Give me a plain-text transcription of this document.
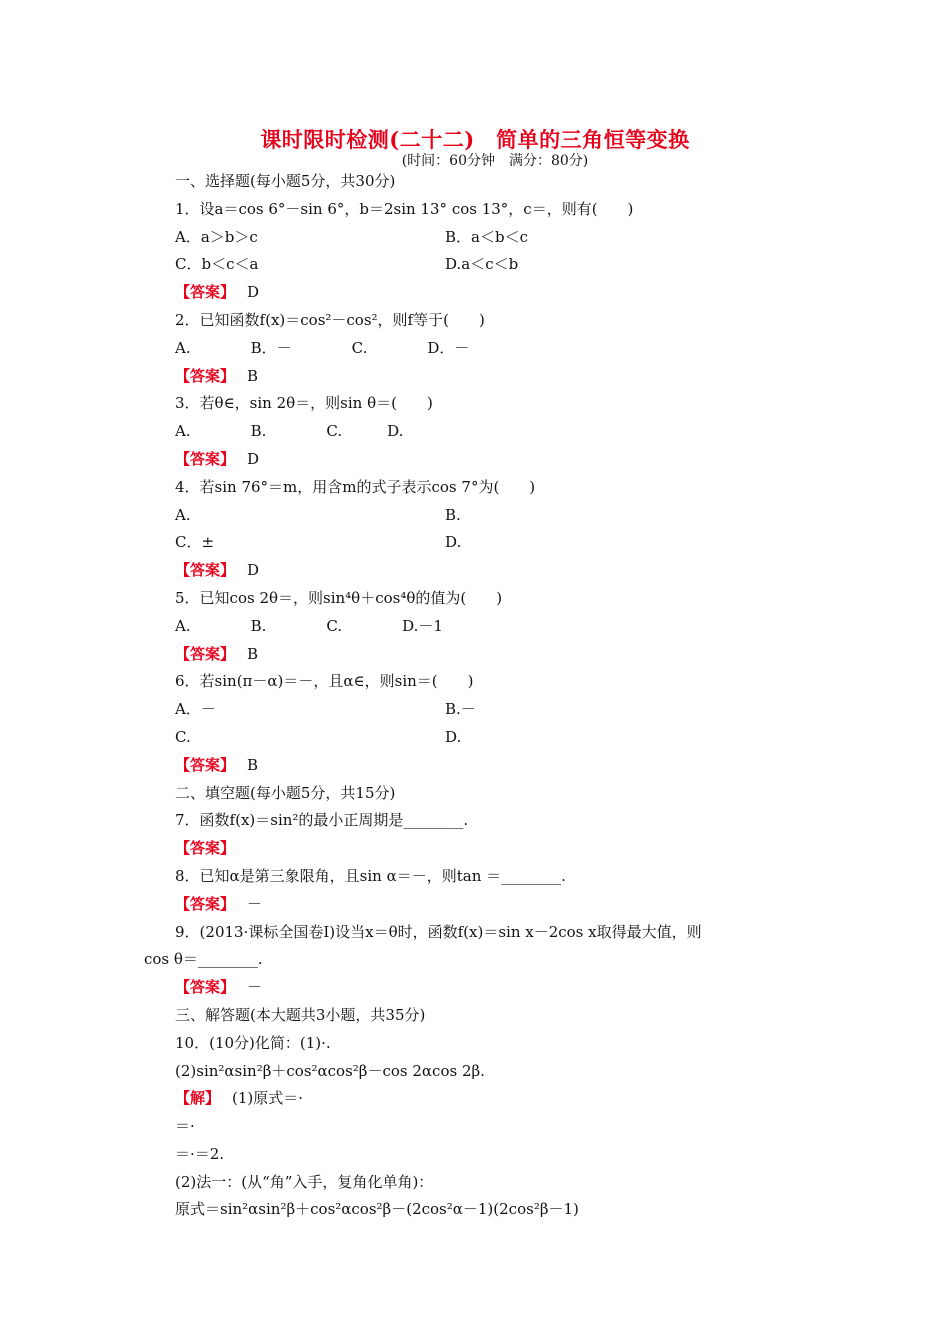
课时限时检测(二十二)　简单的三角恒等变换
(时间：60分钟　满分：80分)
一、选择题(每小题5分，共30分)
1．设a＝cos 6°－sin 6°，b＝2sin 13° cos 13°，c＝，则有(　　)
A．a＞b＞c	B．a＜b＜c
C．b＜c＜a	D.a＜c＜b
【答案】 D
2．已知函数f(x)＝cos²－cos²，则f等于(　　)
A.　　　　B．－　　　　C.　　　　D．－
【答案】 B
3．若θ∈，sin 2θ＝，则sin θ＝(　　)
A.　　　　B.　　　　C.　　　D.
【答案】 D
4．若sin 76°＝m，用含m的式子表示cos 7°为(　　)
A.	B.
C．±	D.
【答案】 D
5．已知cos 2θ＝，则sin⁴θ＋cos⁴θ的值为(　　)
A.　　　　B.　　　　C.　　　　D.－1
【答案】 B
6．若sin(π－α)＝－，且α∈，则sin＝(　　)
A．－	B.－
C.	D.
【答案】 B
二、填空题(每小题5分，共15分)
7．函数f(x)＝sin²的最小正周期是________.
【答案】
8．已知α是第三象限角，且sin α＝－，则tan ＝________.
【答案】 －
9．(2013·课标全国卷Ⅰ)设当x＝θ时，函数f(x)＝sin x－2cos x取得最大值，则
cos θ＝________.
【答案】 －
三、解答题(本大题共3小题，共35分)
10．(10分)化简：(1)·.
(2)sin²αsin²β＋cos²αcos²β－cos 2αcos 2β.
【解】 (1)原式＝·
＝·
＝·＝2.
(2)法一：(从“角”入手，复角化单角)：
原式＝sin²αsin²β＋cos²αcos²β－(2cos²α－1)(2cos²β－1)
